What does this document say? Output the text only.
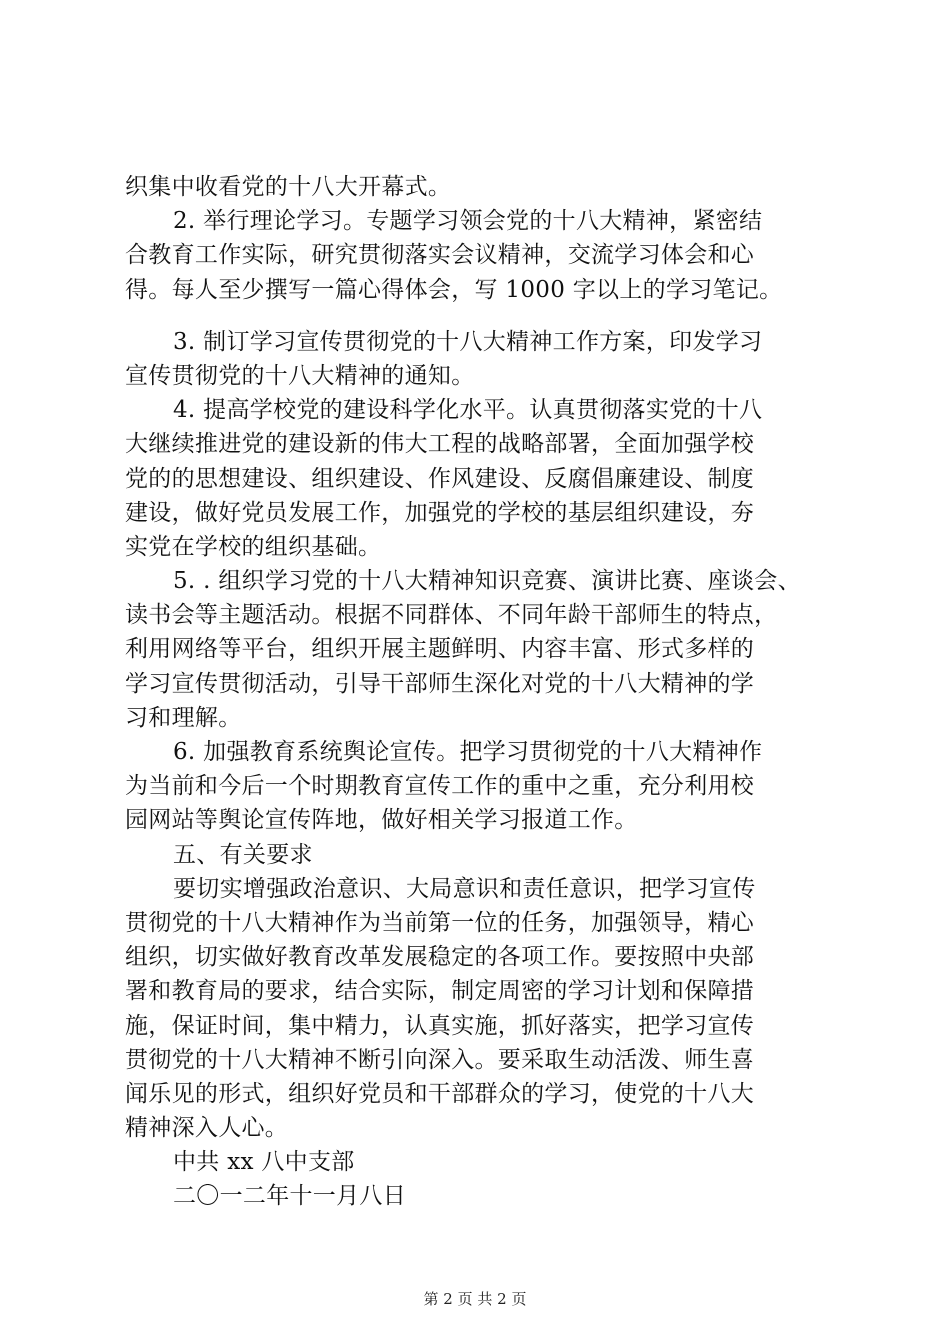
织集中收看党的十八大开幕式。
2. 举行理论学习。专题学习领会党的十八大精神，紧密结
合教育工作实际，研究贯彻落实会议精神，交流学习体会和心
得。每人至少撰写一篇心得体会，写 1000 字以上的学习笔记。
3. 制订学习宣传贯彻党的十八大精神工作方案，印发学习
宣传贯彻党的十八大精神的通知。
4. 提高学校党的建设科学化水平。认真贯彻落实党的十八
大继续推进党的建设新的伟大工程的战略部署，全面加强学校
党的的思想建设、组织建设、作风建设、反腐倡廉建设、制度
建设，做好党员发展工作，加强党的学校的基层组织建设，夯
实党在学校的组织基础。
5. . 组织学习党的十八大精神知识竞赛、演讲比赛、座谈会、
读书会等主题活动。根据不同群体、不同年龄干部师生的特点，
利用网络等平台，组织开展主题鲜明、内容丰富、形式多样的
学习宣传贯彻活动，引导干部师生深化对党的十八大精神的学
习和理解。
6. 加强教育系统舆论宣传。把学习贯彻党的十八大精神作
为当前和今后一个时期教育宣传工作的重中之重，充分利用校
园网站等舆论宣传阵地，做好相关学习报道工作。
五、有关要求
要切实增强政治意识、大局意识和责任意识，把学习宣传
贯彻党的十八大精神作为当前第一位的任务，加强领导，精心
组织，切实做好教育改革发展稳定的各项工作。要按照中央部
署和教育局的要求，结合实际，制定周密的学习计划和保障措
施，保证时间，集中精力，认真实施，抓好落实，把学习宣传
贯彻党的十八大精神不断引向深入。要采取生动活泼、师生喜
闻乐见的形式，组织好党员和干部群众的学习，使党的十八大
精神深入人心。
中共 xx 八中支部
二〇一二年十一月八日
第 2 页 共 2 页
